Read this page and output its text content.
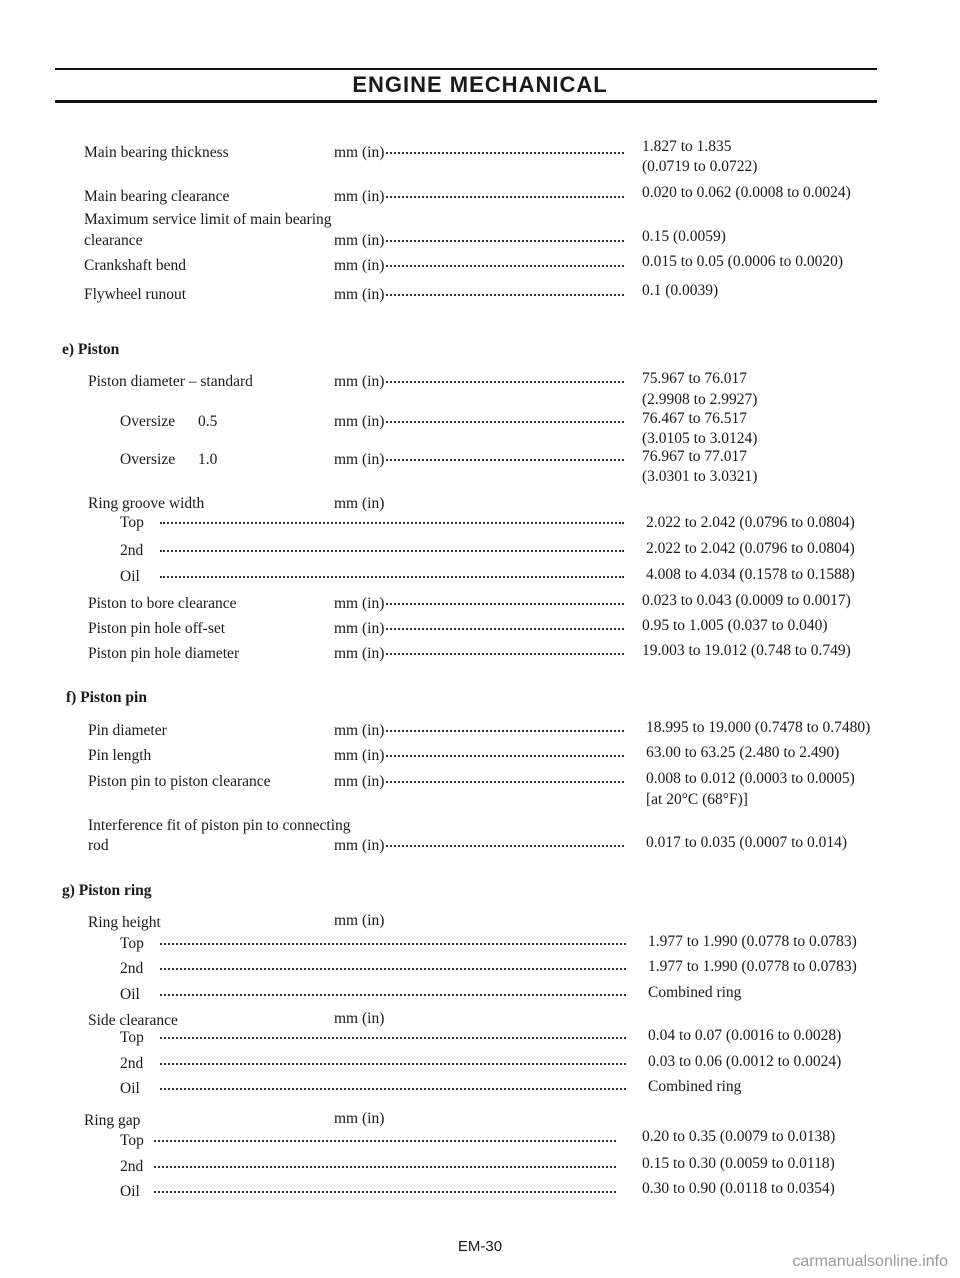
ENGINE MECHANICAL
Main bearing thickness	mm (in)	1.827 to 1.835
(0.0719 to 0.0722)
Main bearing clearance	mm (in)	0.020 to 0.062 (0.0008 to 0.0024)
Maximum service limit of main bearing
clearance	mm (in)	0.15 (0.0059)
Crankshaft bend	mm (in)	0.015 to 0.05 (0.0006 to 0.0020)
Flywheel runout	mm (in)	0.1 (0.0039)
e) Piston
Piston diameter – standard	mm (in)	75.967 to 76.017
(2.9908 to 2.9927)
Oversize 0.5	mm (in)	76.467 to 76.517
(3.0105 to 3.0124)
Oversize 1.0	mm (in)	76.967 to 77.017
(3.0301 to 3.0321)
Ring groove width	mm (in)
Top	2.022 to 2.042 (0.0796 to 0.0804)
2nd	2.022 to 2.042 (0.0796 to 0.0804)
Oil	4.008 to 4.034 (0.1578 to 0.1588)
Piston to bore clearance	mm (in)	0.023 to 0.043 (0.0009 to 0.0017)
Piston pin hole off-set	mm (in)	0.95 to 1.005 (0.037 to 0.040)
Piston pin hole diameter	mm (in)	19.003 to 19.012 (0.748 to 0.749)
f) Piston pin
Pin diameter	mm (in)	18.995 to 19.000 (0.7478 to 0.7480)
Pin length	mm (in)	63.00 to 63.25 (2.480 to 2.490)
Piston pin to piston clearance	mm (in)	0.008 to 0.012 (0.0003 to 0.0005)
[at 20°C (68°F)]
Interference fit of piston pin to connecting
rod	mm (in)	0.017 to 0.035 (0.0007 to 0.014)
g) Piston ring
Ring height	mm (in)
Top	1.977 to 1.990 (0.0778 to 0.0783)
2nd	1.977 to 1.990 (0.0778 to 0.0783)
Oil	Combined ring
Side clearance	mm (in)
Top	0.04 to 0.07 (0.0016 to 0.0028)
2nd	0.03 to 0.06 (0.0012 to 0.0024)
Oil	Combined ring
Ring gap	mm (in)
Top	0.20 to 0.35 (0.0079 to 0.0138)
2nd	0.15 to 0.30 (0.0059 to 0.0118)
Oil	0.30 to 0.90 (0.0118 to 0.0354)
EM-30
carmanualsonline.info
